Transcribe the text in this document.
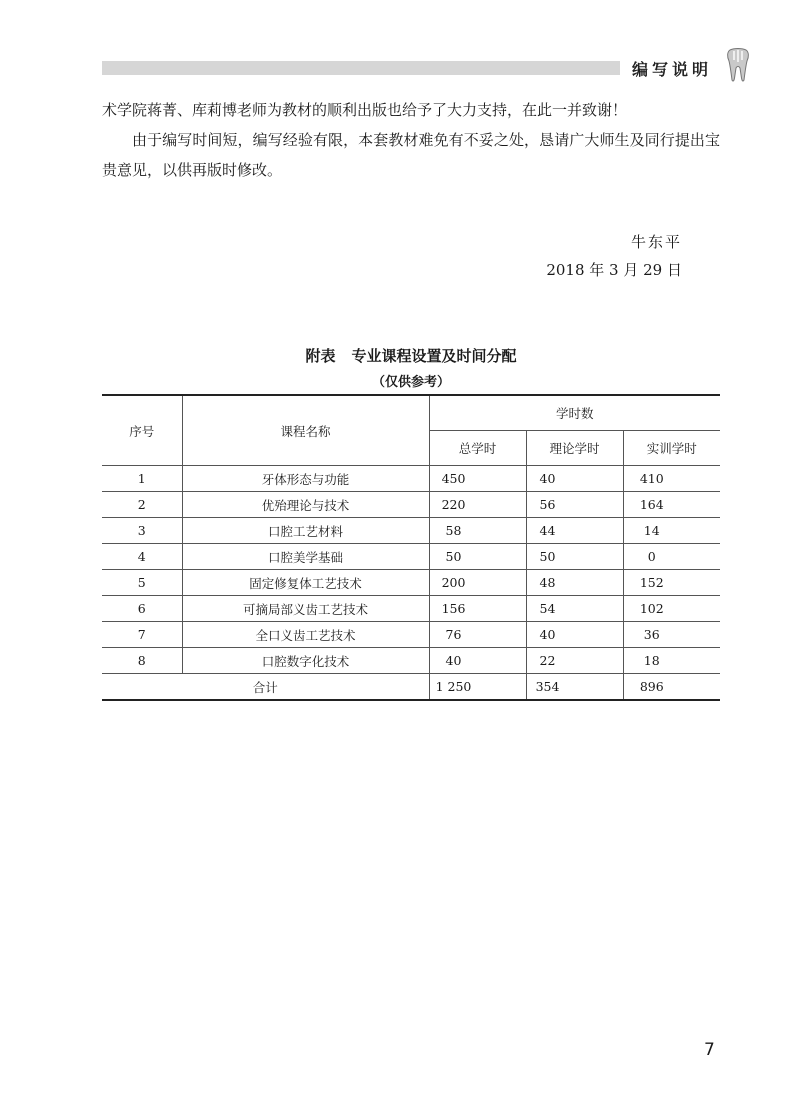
编写说明

术学院蒋菁、库莉博老师为教材的顺利出版也给予了大力支持，在此一并致谢！

由于编写时间短，编写经验有限，本套教材难免有不妥之处，恳请广大师生及同行提出宝贵意见，以供再版时修改。

牛东平
2018 年 3 月 29 日
附表 专业课程设置及时间分配
（仅供参考）
序号	课程名称	学时数		
		总学时	理论学时	实训学时
1	牙体形态与功能	450	40	410
2	优殆理论与技术	220	56	164
3	口腔工艺材料	58	44	14
4	口腔美学基础	50	50	0
5	固定修复体工艺技术	200	48	152
6	可摘局部义齿工艺技术	156	54	102
7	全口义齿工艺技术	76	40	36
8	口腔数字化技术	40	22	18
合计		1 250	354	896
7
